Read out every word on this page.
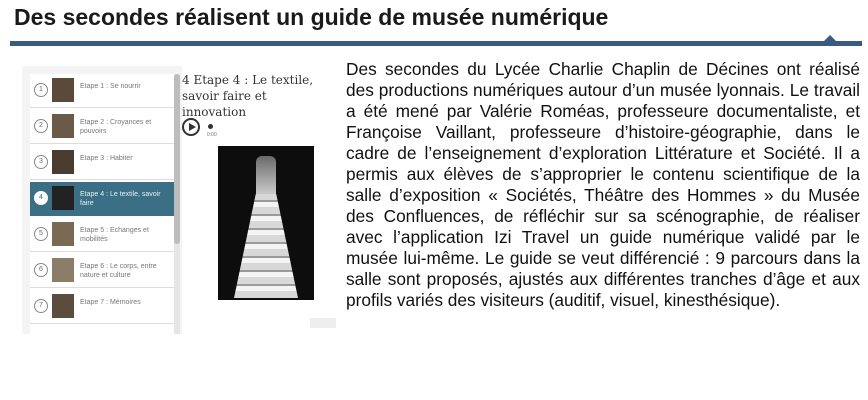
Des secondes réalisent un guide de musée numérique
1	Etape 1 : Se nourrir
2	Etape 2 : Croyances et pouvoirs
3	Etape 3 : Habiter
4	Etape 4 : Le textile, savoir faire
5	Etape 5 : Echanges et mobilités
6	Etape 6 : Le corps, entre nature et culture
7	Etape 7 : Mémoires
4 Etape 4 : Le textile, savoir faire et innovation
0:00

Des secondes du Lycée Charlie Chaplin de Décines ont réalisé des productions numériques autour d’un musée lyonnais. Le travail a été mené par Valérie Roméas, professeure documentaliste, et Françoise Vaillant, professeure d’histoire-géographie, dans le cadre de l’enseignement d’exploration Littérature et Société. Il a permis aux élèves de s’approprier le contenu scientifique de la salle d’exposition « Sociétés, Théâtre des Hommes » du Musée des Confluences, de réfléchir sur sa scénographie, de réaliser avec l’application Izi Travel un guide numérique validé par le musée lui-même. Le guide se veut différencié : 9 parcours dans la salle sont proposés, ajustés aux différentes tranches d’âge et aux profils variés des visiteurs (auditif, visuel, kinesthésique).
